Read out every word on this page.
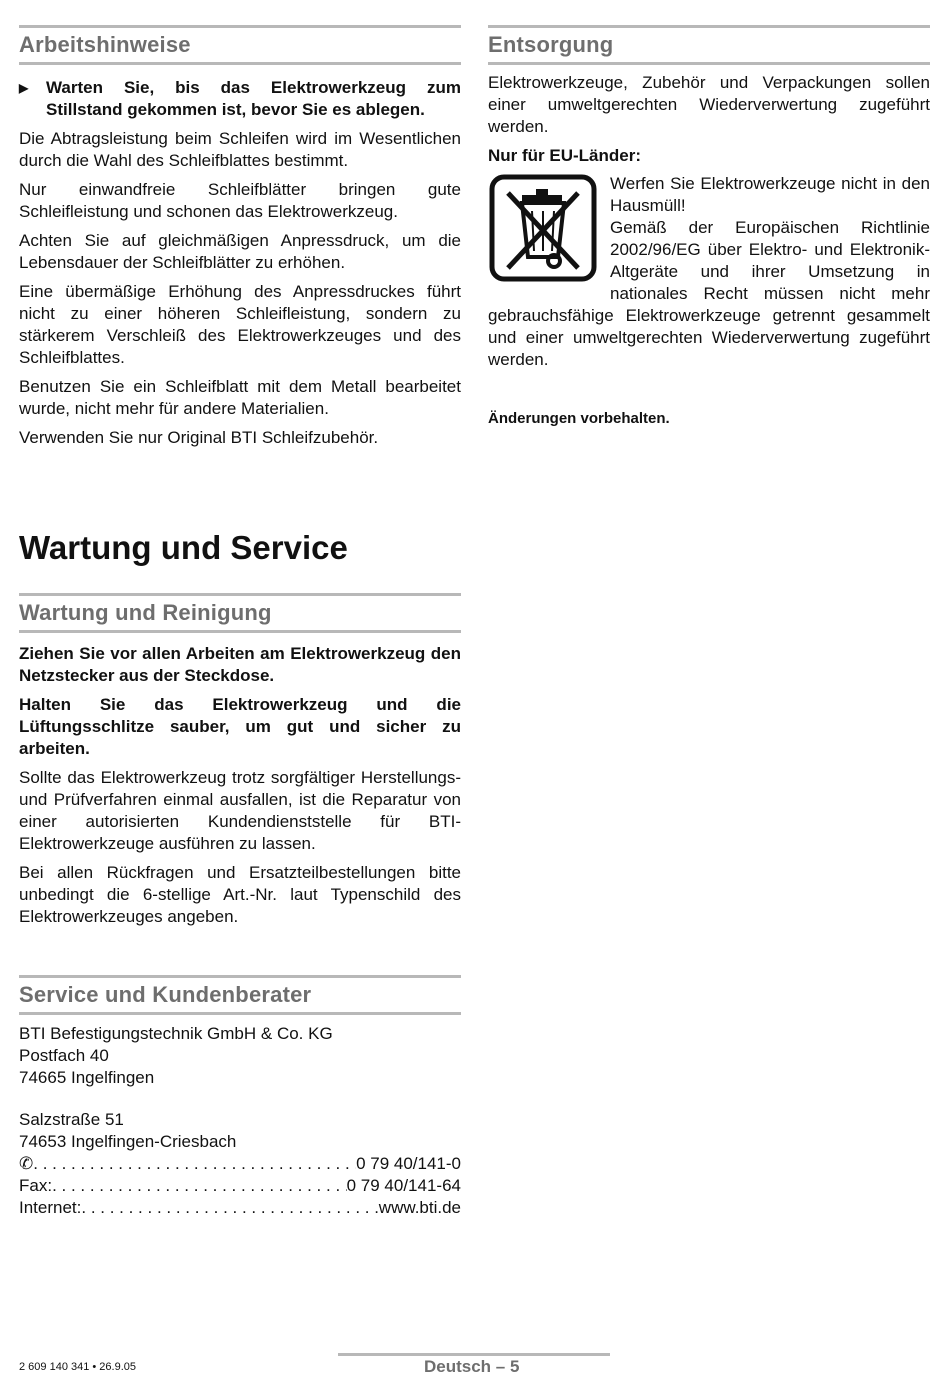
Arbeitshinweise
▶	Warten Sie, bis das Elektrowerkzeug zum Stillstand gekommen ist, bevor Sie es ablegen.

Die Abtragsleistung beim Schleifen wird im Wesentlichen durch die Wahl des Schleifblattes bestimmt.

Nur einwandfreie Schleifblätter bringen gute Schleifleistung und schonen das Elektrowerkzeug.

Achten Sie auf gleichmäßigen Anpressdruck, um die Lebensdauer der Schleifblätter zu erhöhen.

Eine übermäßige Erhöhung des Anpressdruckes führt nicht zu einer höheren Schleifleistung, sondern zu stärkerem Verschleiß des Elektrowerkzeuges und des Schleifblattes.

Benutzen Sie ein Schleifblatt mit dem Metall bearbeitet wurde, nicht mehr für andere Materialien.

Verwenden Sie nur Original BTI Schleifzubehör.

Wartung und Service
Wartung und Reinigung

Ziehen Sie vor allen Arbeiten am Elektrowerkzeug den Netzstecker aus der Steckdose.

Halten Sie das Elektrowerkzeug und die Lüftungsschlitze sauber, um gut und sicher zu arbeiten.

Sollte das Elektrowerkzeug trotz sorgfältiger Herstellungs- und Prüfverfahren einmal ausfallen, ist die Reparatur von einer autorisierten Kundendienststelle für BTI-Elektrowerkzeuge ausführen zu lassen.

Bei allen Rückfragen und Ersatzteilbestellungen bitte unbedingt die 6-stellige Art.-Nr. laut Typenschild des Elektrowerkzeuges angeben.

Service und Kundenberater

BTI Befestigungstechnik GmbH & Co. KG

Postfach 40

74665 Ingelfingen

Salzstraße 51

74653 Ingelfingen-Criesbach

✆ . . .	0 79 40/141-0
Fax: . . .	0 79 40/141-64
Internet: . . .	www.bti.de
Entsorgung

Elektrowerkzeuge, Zubehör und Verpackungen sollen einer umweltgerechten Wiederverwertung zugeführt werden.

Nur für EU-Länder:

Werfen Sie Elektrowerkzeuge nicht in den Hausmüll!

Gemäß der Europäischen Richtlinie 2002/96/EG über Elektro- und Elektronik-Altgeräte und ihrer Umsetzung in nationales Recht müssen nicht mehr gebrauchsfähige Elektrowerkzeuge getrennt gesammelt und einer umweltgerechten Wiederverwertung zugeführt werden.

Änderungen vorbehalten.
2 609 140 341 • 26.9.05	Deutsch – 5
